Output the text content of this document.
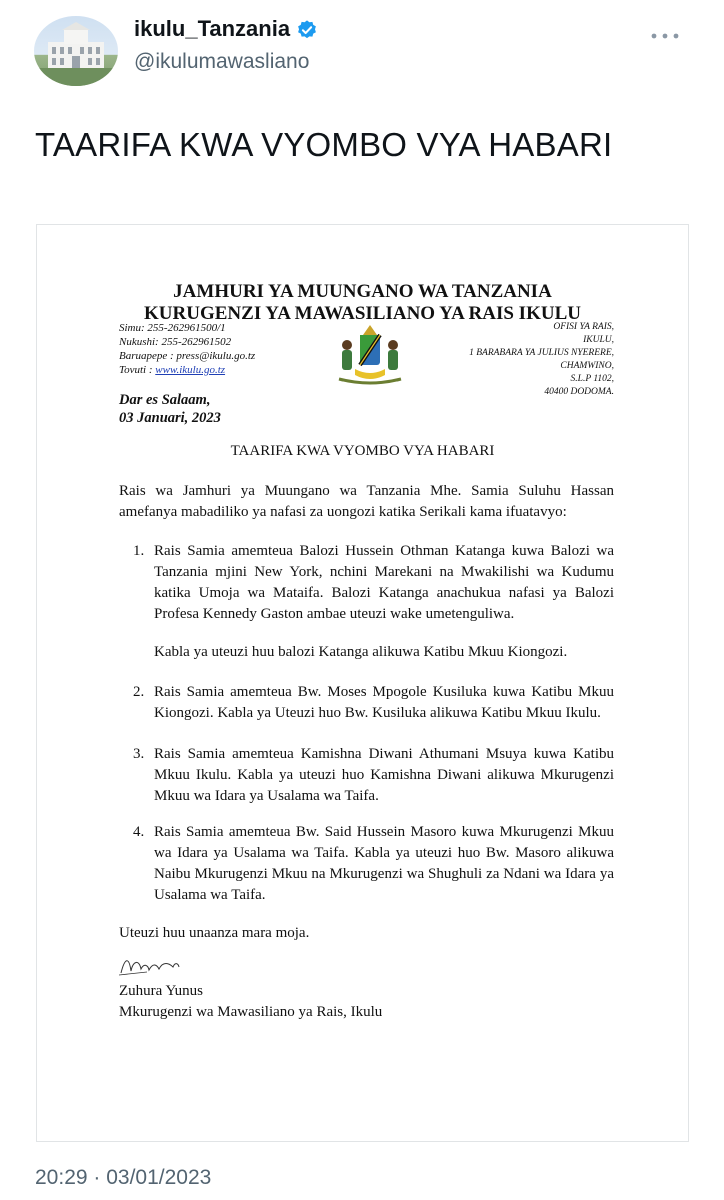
ikulu_Tanzania
@ikulumawasliano
TAARIFA KWA VYOMBO VYA HABARI
JAMHURI YA MUUNGANO WA TANZANIA
KURUGENZI YA MAWASILIANO YA RAIS IKULU
Simu: 255-262961500/1
Nukushi: 255-262961502
Baruapepe : press@ikulu.go.tz
Tovuti : www.ikulu.go.tz
OFISI YA RAIS,
IKULU,
1 BARABARA YA JULIUS NYERERE,
CHAMWINO,
S.L.P 1102,
40400 DODOMA.
Dar es Salaam,
03 Januari, 2023
TAARIFA KWA VYOMBO VYA HABARI
Rais wa Jamhuri ya Muungano wa Tanzania Mhe. Samia Suluhu Hassan amefanya mabadiliko ya nafasi za uongozi katika Serikali kama ifuatavyo:
1. Rais Samia amemteua Balozi Hussein Othman Katanga kuwa Balozi wa Tanzania mjini New York, nchini Marekani na Mwakilishi wa Kudumu katika Umoja wa Mataifa. Balozi Katanga anachukua nafasi ya Balozi Profesa Kennedy Gaston ambae uteuzi wake umetenguliwa.
Kabla ya uteuzi huu balozi Katanga alikuwa Katibu Mkuu Kiongozi.
2. Rais Samia amemteua Bw. Moses Mpogole Kusiluka kuwa Katibu Mkuu Kiongozi. Kabla ya Uteuzi huo Bw. Kusiluka alikuwa Katibu Mkuu Ikulu.
3. Rais Samia amemteua Kamishna Diwani Athumani Msuya kuwa Katibu Mkuu Ikulu. Kabla ya uteuzi huo Kamishna Diwani alikuwa Mkurugenzi Mkuu wa Idara ya Usalama wa Taifa.
4. Rais Samia amemteua Bw. Said Hussein Masoro kuwa Mkurugenzi Mkuu wa Idara ya Usalama wa Taifa. Kabla ya uteuzi huo Bw. Masoro alikuwa Naibu Mkurugenzi Mkuu na Mkurugenzi wa Shughuli za Ndani wa Idara ya Usalama wa Taifa.
Uteuzi huu unaanza mara moja.
Zuhura Yunus
Mkurugenzi wa Mawasiliano ya Rais, Ikulu
20:29 · 03/01/2023
